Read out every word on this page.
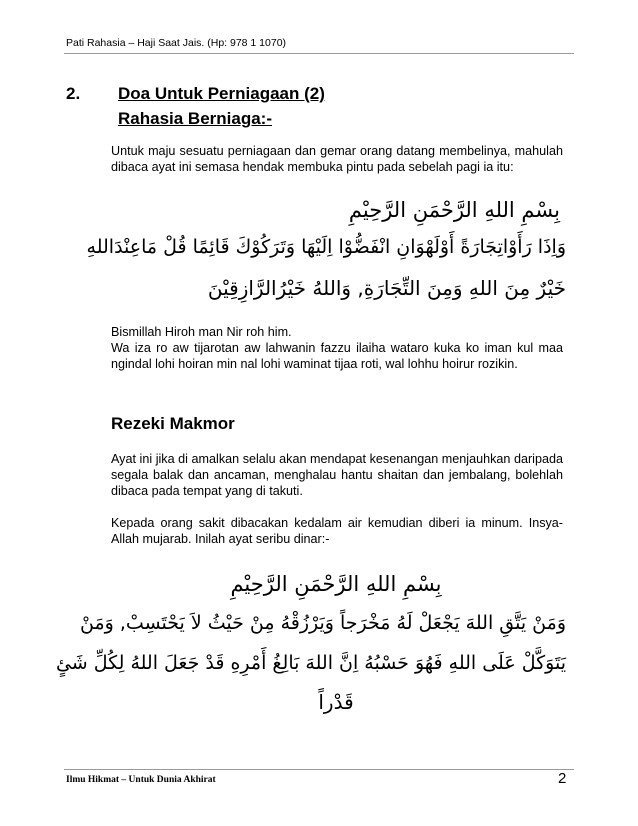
Pati Rahasia – Haji Saat Jais. (Hp: 978 1 1070)
2. Doa Untuk Perniagaan (2)
Rahasia Berniaga:-
Untuk maju sesuatu perniagaan dan gemar orang datang membelinya, mahulah dibaca ayat ini semasa hendak membuka pintu pada sebelah pagi ia itu:
بِسْمِ اللهِ الرَّحْمَنِ الرَّحِيْمِ
وَاِذَا رَأَوْاتِجَارَةً أَوْلَهْوَانِ انْفَضُّوْا اِلَيْهَا وَتَرَكُوْكَ قَائِمًا قُلْ مَاعِنْدَاللهِ
خَيْرٌ مِنَ اللهِ وَمِنَ التِّجَارَةِ, وَاللهُ خَيْرُالرَّازِقِيْنَ
Bismillah Hiroh man Nir roh him.
Wa iza ro aw tijarotan aw lahwanin fazzu ilaiha wataro kuka ko iman kul maa ngindal lohi hoiran min nal lohi waminat tijaa roti, wal lohhu hoirur rozikin.
Rezeki Makmor
Ayat ini jika di amalkan selalu akan mendapat kesenangan menjauhkan daripada segala balak dan ancaman, menghalau hantu shaitan dan jembalang, bolehlah dibaca pada tempat yang di takuti.
Kepada orang sakit dibacakan kedalam air kemudian diberi ia minum. Insya-Allah mujarab. Inilah ayat seribu dinar:-
بِسْمِ اللهِ الرَّحْمَنِ الرَّحِيْمِ
وَمَنْ يَتَّقِ اللهَ يَجْعَلْ لَهُ مَخْرَجاً وَيَرْزُقْهُ مِنْ حَيْثُ لاَ يَحْتَسِبْ, وَمَنْ
يَتَوَكَّلْ عَلَى اللهِ فَهُوَ حَسْبُهُ اِنَّ اللهَ بَالِغُ أَمْرِهِ قَدْ جَعَلَ اللهُ لِكُلِّ شَئٍ
قَدْراً
Ilmu Hikmat – Untuk Dunia Akhirat	2
